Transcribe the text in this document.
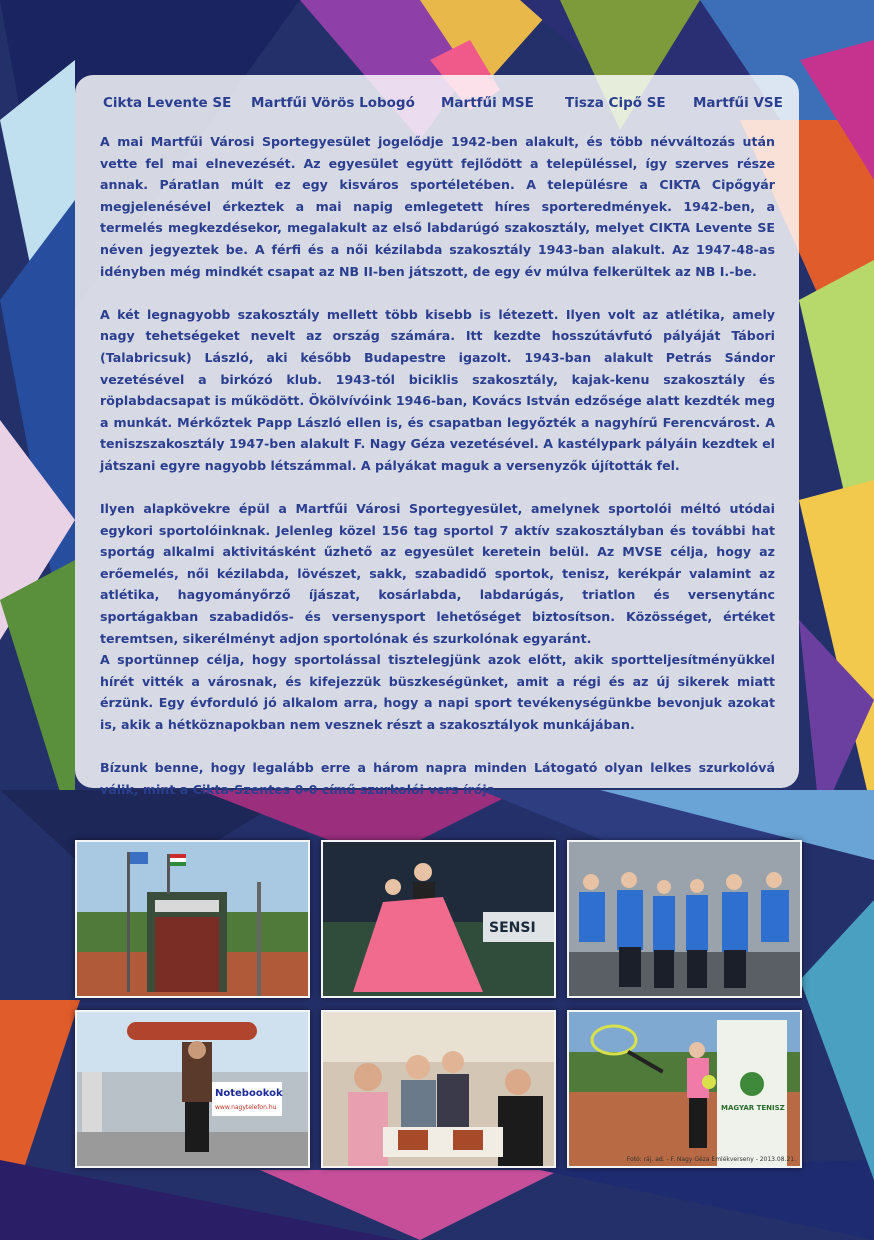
Cikta Levente SE Martfűi Vörös Lobogó Martfűi MSE Tisza Cipő SE Martfűi VSE

A mai Martfűi Városi Sportegyesület jogelődje 1942-ben alakult, és több névváltozás után vette fel mai elnevezését. Az egyesület együtt fejlődött a településsel, így szerves része annak. Páratlan múlt ez egy kisváros sportéletében. A településre a CIKTA Cipőgyár megjelenésével érkeztek a mai napig emlegetett híres sporteredmények. 1942-ben, a termelés megkezdésekor, megalakult az első labdarúgó szakosztály, melyet CIKTA Levente SE néven jegyeztek be. A férfi és a női kézilabda szakosztály 1943-ban alakult. Az 1947-48-as idényben még mindkét csapat az NB II-ben játszott, de egy év múlva felkerültek az NB I.-be.

A két legnagyobb szakosztály mellett több kisebb is létezett. Ilyen volt az atlétika, amely nagy tehetségeket nevelt az ország számára. Itt kezdte hosszútávfutó pályáját Tábori (Talabricsuk) László, aki később Budapestre igazolt. 1943-ban alakult Petrás Sándor vezetésével a birkózó klub. 1943-tól biciklis szakosztály, kajak-kenu szakosztály és röplabdacsapat is működött. Ökölvívóink 1946-ban, Kovács István edzősége alatt kezdték meg a munkát. Mérkőztek Papp László ellen is, és csapatban legyőzték a nagyhírű Ferencvárost. A teniszszakosztály 1947-ben alakult F. Nagy Géza vezetésével. A kastélypark pályáin kezdtek el játszani egyre nagyobb létszámmal. A pályákat maguk a versenyzők újították fel.

Ilyen alapkövekre épül a Martfűi Városi Sportegyesület, amelynek sportolói méltó utódai egykori sportolóinknak. Jelenleg közel 156 tag sportol 7 aktív szakosztályban és további hat sportág alkalmi aktivitásként űzhető az egyesület keretein belül. Az MVSE célja, hogy az erőemelés, női kézilabda, lövészet, sakk, szabadidő sportok, tenisz, kerékpár valamint az atlétika, hagyományőrző íjászat, kosárlabda, labdarúgás, triatlon és versenytánc sportágakban szabadidős- és versenysport lehetőséget biztosítson. Közösséget, értéket teremtsen, sikerélményt adjon sportolónak és szurkolónak egyaránt.

A sportünnep célja, hogy sportolással tisztelegjünk azok előtt, akik sportteljesítményükkel hírét vitték a városnak, és kifejezzük büszkeségünket, amit a régi és az új sikerek miatt érzünk. Egy évforduló jó alkalom arra, hogy a napi sport tevékenységünkbe bevonjuk azokat is, akik a hétköznapokban nem vesznek részt a szakosztályok munkájában.

Bízunk benne, hogy legalább erre a három napra minden Látogató olyan lelkes szurkolóvá válik, mint a Cikta-Szentes 0-0 című szurkolói vers írója.

SENSI
Notebookok
www.nagytelefon.hu	MAGYAR TENISZ
Fotó: ráj. ad. - F. Nagy Géza Emlékverseny - 2013.08.21.
